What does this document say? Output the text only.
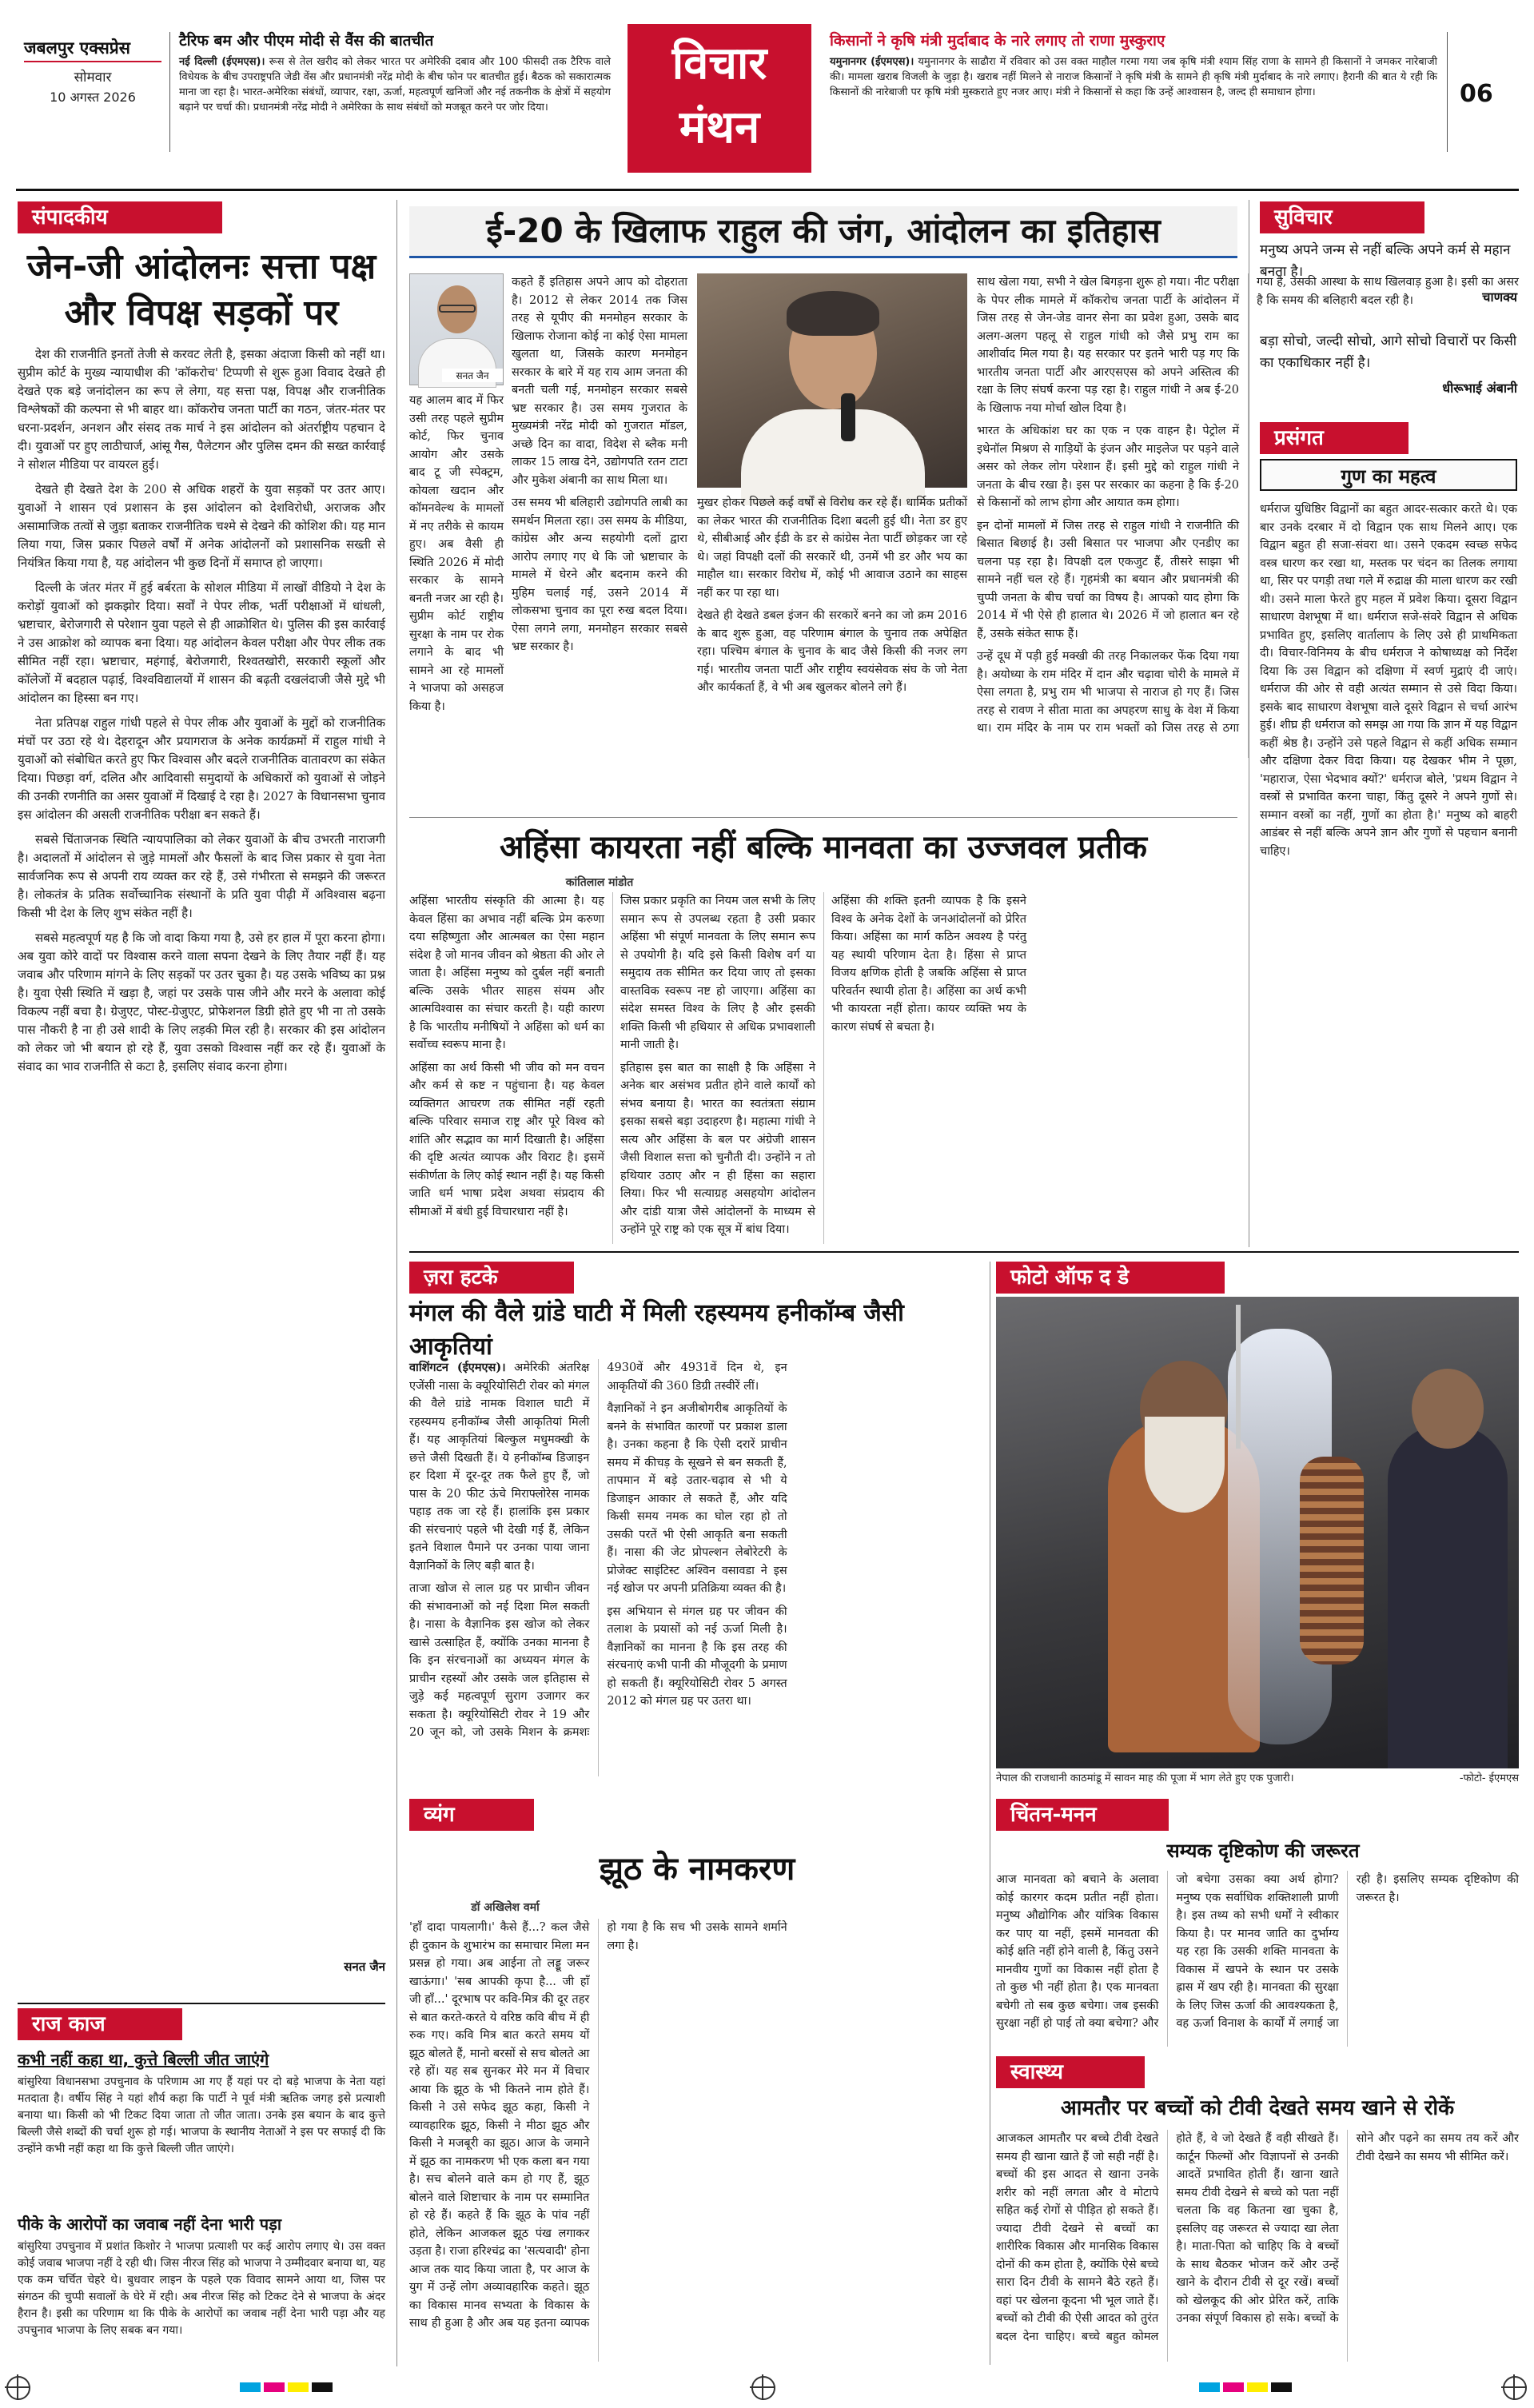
जबलपुर एक्सप्रेस
सोमवार
10 अगस्त 2026
टैरिफ बम और पीएम मोदी से वैंस की बातचीत
नई दिल्ली (ईएमएस)। रूस से तेल खरीद को लेकर भारत पर अमेरिकी दबाव और 100 फीसदी तक टैरिफ वाले विधेयक के बीच उपराष्ट्रपति जेडी वेंस और प्रधानमंत्री नरेंद्र मोदी के बीच फोन पर बातचीत हुई। बैठक को सकारात्मक माना जा रहा है। भारत-अमेरिका संबंधों, व्यापार, रक्षा, ऊर्जा, महत्वपूर्ण खनिजों और नई तकनीक के क्षेत्रों में सहयोग बढ़ाने पर चर्चा की। प्रधानमंत्री नरेंद्र मोदी ने अमेरिका के साथ संबंधों को मजबूत करने पर जोर दिया।
विचार
मंथन
किसानों ने कृषि मंत्री मुर्दाबाद के नारे लगाए तो राणा मुस्कुराए
यमुनानगर (ईएमएस)। यमुनानगर के साढौरा में रविवार को उस वक्त माहौल गरमा गया जब कृषि मंत्री श्याम सिंह राणा के सामने ही किसानों ने जमकर नारेबाजी की। मामला खराब विजली के जुड़ा है। खराब नहीं मिलने से नाराज किसानों ने कृषि मंत्री के सामने ही कृषि मंत्री मुर्दाबाद के नारे लगाए। हैरानी की बात ये रही कि किसानों की नारेबाजी पर कृषि मंत्री मुस्कराते हुए नजर आए। मंत्री ने किसानों से कहा कि उन्हें आश्वासन है, जल्द ही समाधान होगा।	06
संपादकीय
जेन-जी आंदोलनः सत्ता पक्ष और विपक्ष सड़कों पर

देश की राजनीति इनतों तेजी से करवट लेती है, इसका अंदाजा किसी को नहीं था। सुप्रीम कोर्ट के मुख्य न्यायाधीश की 'कॉकरोच' टिप्पणी से शुरू हुआ विवाद देखते ही देखते एक बड़े जनांदोलन का रूप ले लेगा, यह सत्ता पक्ष, विपक्ष और राजनीतिक विश्लेषकों की कल्पना से भी बाहर था। कॉकरोच जनता पार्टी का गठन, जंतर-मंतर पर धरना-प्रदर्शन, अनशन और संसद तक मार्च ने इस आंदोलन को अंतर्राष्ट्रीय पहचान दे दी। युवाओं पर हुए लाठीचार्ज, आंसू गैस, पैलेटगन और पुलिस दमन की सख्त कार्रवाई ने सोशल मीडिया पर वायरल हुई।

देखते ही देखते देश के 200 से अधिक शहरों के युवा सड़कों पर उतर आए। युवाओं ने शासन एवं प्रशासन के इस आंदोलन को देशविरोधी, अराजक और असामाजिक तत्वों से जुड़ा बताकर राजनीतिक चश्मे से देखने की कोशिश की। यह मान लिया गया, जिस प्रकार पिछले वर्षों में अनेक आंदोलनों को प्रशासनिक सख्ती से नियंत्रित किया गया है, यह आंदोलन भी कुछ दिनों में समाप्त हो जाएगा।

दिल्ली के जंतर मंतर में हुई बर्बरता के सोशल मीडिया में लाखों वीडियो ने देश के करोड़ों युवाओं को झकझोर दिया। सर्वों ने पेपर लीक, भर्ती परीक्षाओं में धांधली, भ्रष्टाचार, बेरोजगारी से परेशान युवा पहले से ही आक्रोशित थे। पुलिस की इस कार्रवाई ने उस आक्रोश को व्यापक बना दिया। यह आंदोलन केवल परीक्षा और पेपर लीक तक सीमित नहीं रहा। भ्रष्टाचार, महंगाई, बेरोजगारी, रिश्वतखोरी, सरकारी स्कूलों और कॉलेजों में बदहाल पढ़ाई, विश्वविद्यालयों में शासन की बढ़ती दखलंदाजी जैसे मुद्दे भी आंदोलन का हिस्सा बन गए।

नेता प्रतिपक्ष राहुल गांधी पहले से पेपर लीक और युवाओं के मुद्दों को राजनीतिक मंचों पर उठा रहे थे। देहरादून और प्रयागराज के अनेक कार्यक्रमों में राहुल गांधी ने युवाओं को संबोधित करते हुए फिर विश्वास और बदले राजनीतिक वातावरण का संकेत दिया। पिछड़ा वर्ग, दलित और आदिवासी समुदायों के अधिकारों को युवाओं से जोड़ने की उनकी रणनीति का असर युवाओं में दिखाई दे रहा है। 2027 के विधानसभा चुनाव इस आंदोलन की असली राजनीतिक परीक्षा बन सकते हैं।

सबसे चिंताजनक स्थिति न्यायपालिका को लेकर युवाओं के बीच उभरती नाराजगी है। अदालतों में आंदोलन से जुड़े मामलों और फैसलों के बाद जिस प्रकार से युवा नेता सार्वजनिक रूप से अपनी राय व्यक्त कर रहे हैं, उसे गंभीरता से समझने की जरूरत है। लोकतंत्र के प्रतिक सर्वोच्चानिक संस्थानों के प्रति युवा पीढ़ी में अविश्वास बढ़ना किसी भी देश के लिए शुभ संकेत नहीं है।

सबसे महत्वपूर्ण यह है कि जो वादा किया गया है, उसे हर हाल में पूरा करना होगा। अब युवा कोरे वादों पर विश्वास करने वाला सपना देखने के लिए तैयार नहीं हैं। यह जवाब और परिणाम मांगने के लिए सड़कों पर उतर चुका है। यह उसके भविष्य का प्रश्न है। युवा ऐसी स्थिति में खड़ा है, जहां पर उसके पास जीने और मरने के अलावा कोई विकल्प नहीं बचा है। ग्रेजुएट, पोस्ट-ग्रेजुएट, प्रोफेशनल डिग्री होते हुए भी ना तो उसके पास नौकरी है ना ही उसे शादी के लिए लड़की मिल रही है। सरकार की इस आंदोलन को लेकर जो भी बयान हो रहे हैं, युवा उसको विश्वास नहीं कर रहे हैं। युवाओं के संवाद का भाव राजनीति से कटा है, इसलिए संवाद करना होगा।

सनत जैन
राज काज
कभी नहीं कहा था, कुत्ते बिल्ली जीत जाएंगे
बांसुरिया विधानसभा उपचुनाव के परिणाम आ गए हैं यहां पर दो बड़े भाजपा के नेता यहां मतदाता है। वर्षीय सिंह ने यहां शौर्य कहा कि पार्टी ने पूर्व मंत्री ऋतिक जगह इसे प्रत्याशी बनाया था। किसी को भी टिकट दिया जाता तो जीत जाता। उनके इस बयान के बाद कुत्ते बिल्ली जैसे शब्दों की चर्चा शुरू हो गई। भाजपा के स्थानीय नेताओं ने इस पर सफाई दी कि उन्होंने कभी नहीं कहा था कि कुत्ते बिल्ली जीत जाएंगे।
पीके के आरोपों का जवाब नहीं देना भारी पड़ा
बांसुरिया उपचुनाव में प्रशांत किशोर ने भाजपा प्रत्याशी पर कई आरोप लगाए थे। उस वक्त कोई जवाब भाजपा नहीं दे रही थी। जिस नीरज सिंह को भाजपा ने उम्मीदवार बनाया था, यह एक कम चर्चित चेहरे थे। बुधवार लाइन के पहले एक विवाद सामने आया था, जिस पर संगठन की चुप्पी सवालों के घेरे में रही। अब नीरज सिंह को टिकट देने से भाजपा के अंदर हैरान है। इसी का परिणाम था कि पीके के आरोपों का जवाब नहीं देना भारी पड़ा और यह उपचुनाव भाजपा के लिए सबक बन गया।
ई-20 के खिलाफ राहुल की जंग, आंदोलन का इतिहास
सनत जैन

कहते हैं इतिहास अपने आप को दोहराता है। 2012 से लेकर 2014 तक जिस तरह से यूपीए की मनमोहन सरकार के खिलाफ रोजाना कोई ना कोई ऐसा मामला खुलता था, जिसके कारण मनमोहन सरकार के बारे में यह राय आम जनता की बनती चली गई, मनमोहन सरकार सबसे भ्रष्ट सरकार है। उस समय गुजरात के मुख्यमंत्री नरेंद्र मोदी को गुजरात मॉडल, अच्छे दिन का वादा, विदेश से ब्लैक मनी लाकर 15 लाख देने, उद्योगपति रतन टाटा और मुकेश अंबानी का साथ मिला था।

उस समय भी बलिहारी उद्योगपति लाबी का समर्थन मिलता रहा। उस समय के मीडिया, कांग्रेस और अन्य सहयोगी दलों द्वारा आरोप लगाए गए थे कि जो भ्रष्टाचार के मामले में घेरने और बदनाम करने की मुहिम चलाई गई, उसने 2014 में लोकसभा चुनाव का पूरा रुख बदल दिया। ऐसा लगने लगा, मनमोहन सरकार सबसे भ्रष्ट सरकार है।

यह आलम बाद में फिर उसी तरह पहले सुप्रीम कोर्ट, फिर चुनाव आयोग और उसके बाद टू जी स्पेक्ट्रम, कोयला खदान और कॉमनवेल्थ के मामलों में नए तरीके से कायम हुए। अब वैसी ही स्थिति 2026 में मोदी सरकार के सामने बनती नजर आ रही है। सुप्रीम कोर्ट राष्ट्रीय सुरक्षा के नाम पर रोक लगाने के बाद भी सामने आ रहे मामलों ने भाजपा को असहज किया है।

मुखर होकर पिछले कई वर्षों से विरोध कर रहे हैं। धार्मिक प्रतीकों का लेकर भारत की राजनीतिक दिशा बदली हुई थी। नेता डर हुए थे, सीबीआई और ईडी के डर से कांग्रेस नेता पार्टी छोड़कर जा रहे थे। जहां विपक्षी दलों की सरकारें थी, उनमें भी डर और भय का माहौल था। सरकार विरोध में, कोई भी आवाज उठाने का साहस नहीं कर पा रहा था।

देखते ही देखते डबल इंजन की सरकारें बनने का जो क्रम 2016 के बाद शुरू हुआ, वह परिणाम बंगाल के चुनाव तक अपेक्षित रहा। पश्चिम बंगाल के चुनाव के बाद जैसे किसी की नजर लग गई। भारतीय जनता पार्टी और राष्ट्रीय स्वयंसेवक संघ के जो नेता और कार्यकर्ता हैं, वे भी अब खुलकर बोलने लगे हैं।

साथ खेला गया, सभी ने खेल बिगड़ना शुरू हो गया। नीट परीक्षा के पेपर लीक मामले में कॉकरोच जनता पार्टी के आंदोलन में जिस तरह से जेन-जेड वानर सेना का प्रवेश हुआ, उसके बाद अलग-अलग पहलू से राहुल गांधी को जैसे प्रभु राम का आशीर्वाद मिल गया है। यह सरकार पर इतने भारी पड़ गए कि भारतीय जनता पार्टी और आरएसएस को अपने अस्तित्व की रक्षा के लिए संघर्ष करना पड़ रहा है। राहुल गांधी ने अब ई-20 के खिलाफ नया मोर्चा खोल दिया है।

भारत के अधिकांश घर का एक न एक वाहन है। पेट्रोल में इथेनॉल मिश्रण से गाड़ियों के इंजन और माइलेज पर पड़ने वाले असर को लेकर लोग परेशान हैं। इसी मुद्दे को राहुल गांधी ने जनता के बीच रखा है। इस पर सरकार का कहना है कि ई-20 से किसानों को लाभ होगा और आयात कम होगा।

इन दोनों मामलों में जिस तरह से राहुल गांधी ने राजनीति की बिसात बिछाई है। उसी बिसात पर भाजपा और एनडीए का चलना पड़ रहा है। विपक्षी दल एकजुट हैं, तीसरे साझा भी सामने नहीं चल रहे हैं। गृहमंत्री का बयान और प्रधानमंत्री की चुप्पी जनता के बीच चर्चा का विषय है। आपको याद होगा कि 2014 में भी ऐसे ही हालात थे। 2026 में जो हालात बन रहे हैं, उसके संकेत साफ हैं।

उन्हें दूध में पड़ी हुई मक्खी की तरह निकालकर फेंक दिया गया है। अयोध्या के राम मंदिर में दान और चढ़ावा चोरी के मामले में ऐसा लगता है, प्रभु राम भी भाजपा से नाराज हो गए हैं। जिस तरह से रावण ने सीता माता का अपहरण साधु के वेश में किया था। राम मंदिर के नाम पर राम भक्तों को जिस तरह से ठगा गया है, उसकी आस्था के साथ खिलवाड़ हुआ है। इसी का असर है कि समय की बलिहारी बदल रही है।

अहिंसा कायरता नहीं बल्कि मानवता का उज्जवल प्रतीक
कांतिलाल मांडोत

अहिंसा भारतीय संस्कृति की आत्मा है। यह केवल हिंसा का अभाव नहीं बल्कि प्रेम करुणा दया सहिष्णुता और आत्मबल का ऐसा महान संदेश है जो मानव जीवन को श्रेष्ठता की ओर ले जाता है। अहिंसा मनुष्य को दुर्बल नहीं बनाती बल्कि उसके भीतर साहस संयम और आत्मविश्वास का संचार करती है। यही कारण है कि भारतीय मनीषियों ने अहिंसा को धर्म का सर्वोच्च स्वरूप माना है।

अहिंसा का अर्थ किसी भी जीव को मन वचन और कर्म से कष्ट न पहुंचाना है। यह केवल व्यक्तिगत आचरण तक सीमित नहीं रहती बल्कि परिवार समाज राष्ट्र और पूरे विश्व को शांति और सद्भाव का मार्ग दिखाती है। अहिंसा की दृष्टि अत्यंत व्यापक और विराट है। इसमें संकीर्णता के लिए कोई स्थान नहीं है। यह किसी जाति धर्म भाषा प्रदेश अथवा संप्रदाय की सीमाओं में बंधी हुई विचारधारा नहीं है।

जिस प्रकार प्रकृति का नियम जल सभी के लिए समान रूप से उपलब्ध रहता है उसी प्रकार अहिंसा भी संपूर्ण मानवता के लिए समान रूप से उपयोगी है। यदि इसे किसी विशेष वर्ग या समुदाय तक सीमित कर दिया जाए तो इसका वास्तविक स्वरूप नष्ट हो जाएगा। अहिंसा का संदेश समस्त विश्व के लिए है और इसकी शक्ति किसी भी हथियार से अधिक प्रभावशाली मानी जाती है।

इतिहास इस बात का साक्षी है कि अहिंसा ने अनेक बार असंभव प्रतीत होने वाले कार्यों को संभव बनाया है। भारत का स्वतंत्रता संग्राम इसका सबसे बड़ा उदाहरण है। महात्मा गांधी ने सत्य और अहिंसा के बल पर अंग्रेजी शासन जैसी विशाल सत्ता को चुनौती दी। उन्होंने न तो हथियार उठाए और न ही हिंसा का सहारा लिया। फिर भी सत्याग्रह असहयोग आंदोलन और दांडी यात्रा जैसे आंदोलनों के माध्यम से उन्होंने पूरे राष्ट्र को एक सूत्र में बांध दिया।

अहिंसा की शक्ति इतनी व्यापक है कि इसने विश्व के अनेक देशों के जनआंदोलनों को प्रेरित किया। अहिंसा का मार्ग कठिन अवश्य है परंतु यह स्थायी परिणाम देता है। हिंसा से प्राप्त विजय क्षणिक होती है जबकि अहिंसा से प्राप्त परिवर्तन स्थायी होता है। अहिंसा का अर्थ कभी भी कायरता नहीं होता। कायर व्यक्ति भय के कारण संघर्ष से बचता है।

ज़रा हटके
मंगल की वैले ग्रांडे घाटी में मिली रहस्यमय हनीकॉम्ब जैसी आकृतियां
वाशिंगटन (ईएमएस)। अमेरिकी अंतरिक्ष एजेंसी नासा के क्यूरियोसिटी रोवर को मंगल की वैले ग्रांडे नामक विशाल घाटी में रहस्यमय हनीकॉम्ब जैसी आकृतियां मिली हैं। यह आकृतियां बिल्कुल मधुमक्खी के छत्ते जैसी दिखती हैं। ये हनीकॉम्ब डिजाइन हर दिशा में दूर-दूर तक फैले हुए हैं, जो पास के 20 फीट ऊंचे मिराफ्लोरेस नामक पहाड़ तक जा रहे हैं। हालांकि इस प्रकार की संरचनाएं पहले भी देखी गई हैं, लेकिन इतने विशाल पैमाने पर उनका पाया जाना वैज्ञानिकों के लिए बड़ी बात है।

ताजा खोज से लाल ग्रह पर प्राचीन जीवन की संभावनाओं को नई दिशा मिल सकती है। नासा के वैज्ञानिक इस खोज को लेकर खासे उत्साहित हैं, क्योंकि उनका मानना है कि इन संरचनाओं का अध्ययन मंगल के प्राचीन रहस्यों और उसके जल इतिहास से जुड़े कई महत्वपूर्ण सुराग उजागर कर सकता है। क्यूरियोसिटी रोवर ने 19 और 20 जून को, जो उसके मिशन के क्रमशः 4930वें और 4931वें दिन थे, इन आकृतियों की 360 डिग्री तस्वीरें लीं।

वैज्ञानिकों ने इन अजीबोगरीब आकृतियों के बनने के संभावित कारणों पर प्रकाश डाला है। उनका कहना है कि ऐसी दरारें प्राचीन समय में कीचड़ के सूखने से बन सकती हैं, तापमान में बड़े उतार-चढ़ाव से भी ये डिजाइन आकार ले सकते हैं, और यदि किसी समय नमक का घोल रहा हो तो उसकी परतें भी ऐसी आकृति बना सकती हैं। नासा की जेट प्रोपल्शन लेबोरेटरी के प्रोजेक्ट साइंटिस्ट अश्विन वसावडा ने इस नई खोज पर अपनी प्रतिक्रिया व्यक्त की है।

इस अभियान से मंगल ग्रह पर जीवन की तलाश के प्रयासों को नई ऊर्जा मिली है। वैज्ञानिकों का मानना है कि इस तरह की संरचनाएं कभी पानी की मौजूदगी के प्रमाण हो सकती हैं। क्यूरियोसिटी रोवर 5 अगस्त 2012 को मंगल ग्रह पर उतरा था।

फोटो ऑफ द डे
नेपाल की राजधानी काठमांडू में सावन माह की पूजा में भाग लेते हुए एक पुजारी।	-फोटो- ईएमएस
सुविचार
मनुष्य अपने जन्म से नहीं बल्कि अपने कर्म से महान बनता है।
चाणक्य
बड़ा सोचो, जल्दी सोचो, आगे सोचो विचारों पर किसी का एकाधिकार नहीं है।
धीरूभाई अंबानी
प्रसंगत
गुण का महत्व
धर्मराज युधिष्ठिर विद्वानों का बहुत आदर-सत्कार करते थे। एक बार उनके दरबार में दो विद्वान एक साथ मिलने आए। एक विद्वान बहुत ही सजा-संवरा था। उसने एकदम स्वच्छ सफेद वस्त्र धारण कर रखा था, मस्तक पर चंदन का तिलक लगाया था, सिर पर पगड़ी तथा गले में रुद्राक्ष की माला धारण कर रखी थी। उसने माला फेरते हुए महल में प्रवेश किया। दूसरा विद्वान साधारण वेशभूषा में था। धर्मराज सजे-संवरे विद्वान से अधिक प्रभावित हुए, इसलिए वार्तालाप के लिए उसे ही प्राथमिकता दी। विचार-विनिमय के बीच धर्मराज ने कोषाध्यक्ष को निर्देश दिया कि उस विद्वान को दक्षिणा में स्वर्ण मुद्राएं दी जाएं। धर्मराज की ओर से वही अत्यंत सम्मान से उसे विदा किया। इसके बाद साधारण वेशभूषा वाले दूसरे विद्वान से चर्चा आरंभ हुई। शीघ्र ही धर्मराज को समझ आ गया कि ज्ञान में यह विद्वान कहीं श्रेष्ठ है। उन्होंने उसे पहले विद्वान से कहीं अधिक सम्मान और दक्षिणा देकर विदा किया। यह देखकर भीम ने पूछा, 'महाराज, ऐसा भेदभाव क्यों?' धर्मराज बोले, 'प्रथम विद्वान ने वस्त्रों से प्रभावित करना चाहा, किंतु दूसरे ने अपने गुणों से। सम्मान वस्त्रों का नहीं, गुणों का होता है।' मनुष्य को बाहरी आडंबर से नहीं बल्कि अपने ज्ञान और गुणों से पहचान बनानी चाहिए।
चिंतन-मनन
सम्यक दृष्टिकोण की जरूरत
आज मानवता को बचाने के अलावा कोई कारगर कदम प्रतीत नहीं होता। मनुष्य औद्योगिक और यांत्रिक विकास कर पाए या नहीं, इसमें मानवता की कोई क्षति नहीं होने वाली है, किंतु उसने मानवीय गुणों का विकास नहीं होता है तो कुछ भी नहीं होता है। एक मानवता बचेगी तो सब कुछ बचेगा। जब इसकी सुरक्षा नहीं हो पाई तो क्या बचेगा? और जो बचेगा उसका क्या अर्थ होगा? मनुष्य एक सर्वाधिक शक्तिशाली प्राणी है। इस तथ्य को सभी धर्मों ने स्वीकार किया है। पर मानव जाति का दुर्भाग्य यह रहा कि उसकी शक्ति मानवता के विकास में खपने के स्थान पर उसके ह्रास में खप रही है। मानवता की सुरक्षा के लिए जिस ऊर्जा की आवश्यकता है, वह ऊर्जा विनाश के कार्यों में लगाई जा रही है। इसलिए सम्यक दृष्टिकोण की जरूरत है।
स्वास्थ्य
आमतौर पर बच्चों को टीवी देखते समय खाने से रोकें
आजकल आमतौर पर बच्चे टीवी देखते समय ही खाना खाते हैं जो सही नहीं है। बच्चों की इस आदत से खाना उनके शरीर को नहीं लगता और वे मोटापे सहित कई रोगों से पीड़ित हो सकते हैं। ज्यादा टीवी देखने से बच्चों का शारीरिक विकास और मानसिक विकास दोनों की कम होता है, क्योंकि ऐसे बच्चे सारा दिन टीवी के सामने बैठे रहते हैं। वहां पर खेलना कूदना भी भूल जाते हैं। बच्चों को टीवी की ऐसी आदत को तुरंत बदल देना चाहिए। बच्चे बहुत कोमल होते हैं, वे जो देखते हैं वही सीखते हैं। कार्टून फिल्मों और विज्ञापनों से उनकी आदतें प्रभावित होती हैं। खाना खाते समय टीवी देखने से बच्चे को पता नहीं चलता कि वह कितना खा चुका है, इसलिए वह जरूरत से ज्यादा खा लेता है। माता-पिता को चाहिए कि वे बच्चों के साथ बैठकर भोजन करें और उन्हें खाने के दौरान टीवी से दूर रखें। बच्चों को खेलकूद की ओर प्रेरित करें, ताकि उनका संपूर्ण विकास हो सके। बच्चों के सोने और पढ़ने का समय तय करें और टीवी देखने का समय भी सीमित करें।
व्यंग
झूठ के नामकरण
डॉ अखिलेश वर्मा
'हाँ दादा पायलागी।' कैसे हैं...? कल जैसे ही दुकान के शुभारंभ का समाचार मिला मन प्रसन्न हो गया। अब आईना तो लड्डू जरूर खाऊंगा।' 'सब आपकी कृपा है... जी हाँ जी हाँ...' दूरभाष पर कवि-मित्र की दूर तहर से बात करते-करते ये वरिष्ठ कवि बीच में ही रुक गए। कवि मित्र बात करते समय यों झूठ बोलते हैं, मानो बरसों से सच बोलते आ रहे हों। यह सब सुनकर मेरे मन में विचार आया कि झूठ के भी कितने नाम होते हैं। किसी ने उसे सफेद झूठ कहा, किसी ने व्यावहारिक झूठ, किसी ने मीठा झूठ और किसी ने मजबूरी का झूठ। आज के जमाने में झूठ का नामकरण भी एक कला बन गया है। सच बोलने वाले कम हो गए हैं, झूठ बोलने वाले शिष्टाचार के नाम पर सम्मानित हो रहे हैं। कहते हैं कि झूठ के पांव नहीं होते, लेकिन आजकल झूठ पंख लगाकर उड़ता है। राजा हरिश्चंद्र का 'सत्यवादी' होना आज तक याद किया जाता है, पर आज के युग में उन्हें लोग अव्यावहारिक कहते। झूठ का विकास मानव सभ्यता के विकास के साथ ही हुआ है और अब यह इतना व्यापक हो गया है कि सच भी उसके सामने शर्माने लगा है।
